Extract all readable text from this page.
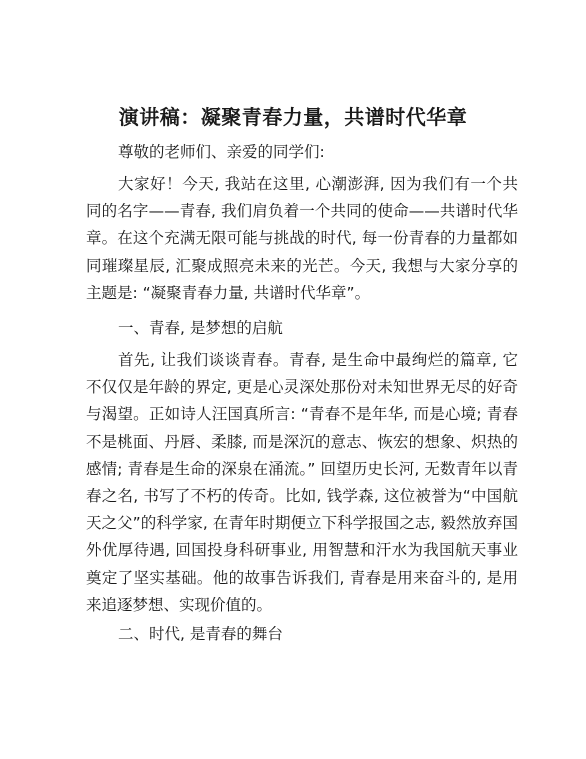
演讲稿：凝聚青春力量，共谱时代华章
尊敬的老师们、亲爱的同学们:
大家好！今天, 我站在这里, 心潮澎湃, 因为我们有一个共同的名字——青春, 我们肩负着一个共同的使命——共谱时代华章。在这个充满无限可能与挑战的时代, 每一份青春的力量都如同璀璨星辰, 汇聚成照亮未来的光芒。今天, 我想与大家分享的主题是: “凝聚青春力量, 共谱时代华章”。
一、青春, 是梦想的启航
首先, 让我们谈谈青春。青春, 是生命中最绚烂的篇章, 它不仅仅是年龄的界定, 更是心灵深处那份对未知世界无尽的好奇与渴望。正如诗人汪国真所言: “青春不是年华, 而是心境; 青春不是桃面、丹唇、柔膝, 而是深沉的意志、恢宏的想象、炽热的感情; 青春是生命的深泉在涌流。” 回望历史长河, 无数青年以青春之名, 书写了不朽的传奇。比如, 钱学森, 这位被誉为“中国航天之父”的科学家, 在青年时期便立下科学报国之志, 毅然放弃国外优厚待遇, 回国投身科研事业, 用智慧和汗水为我国航天事业奠定了坚实基础。他的故事告诉我们, 青春是用来奋斗的, 是用来追逐梦想、实现价值的。
二、时代, 是青春的舞台
